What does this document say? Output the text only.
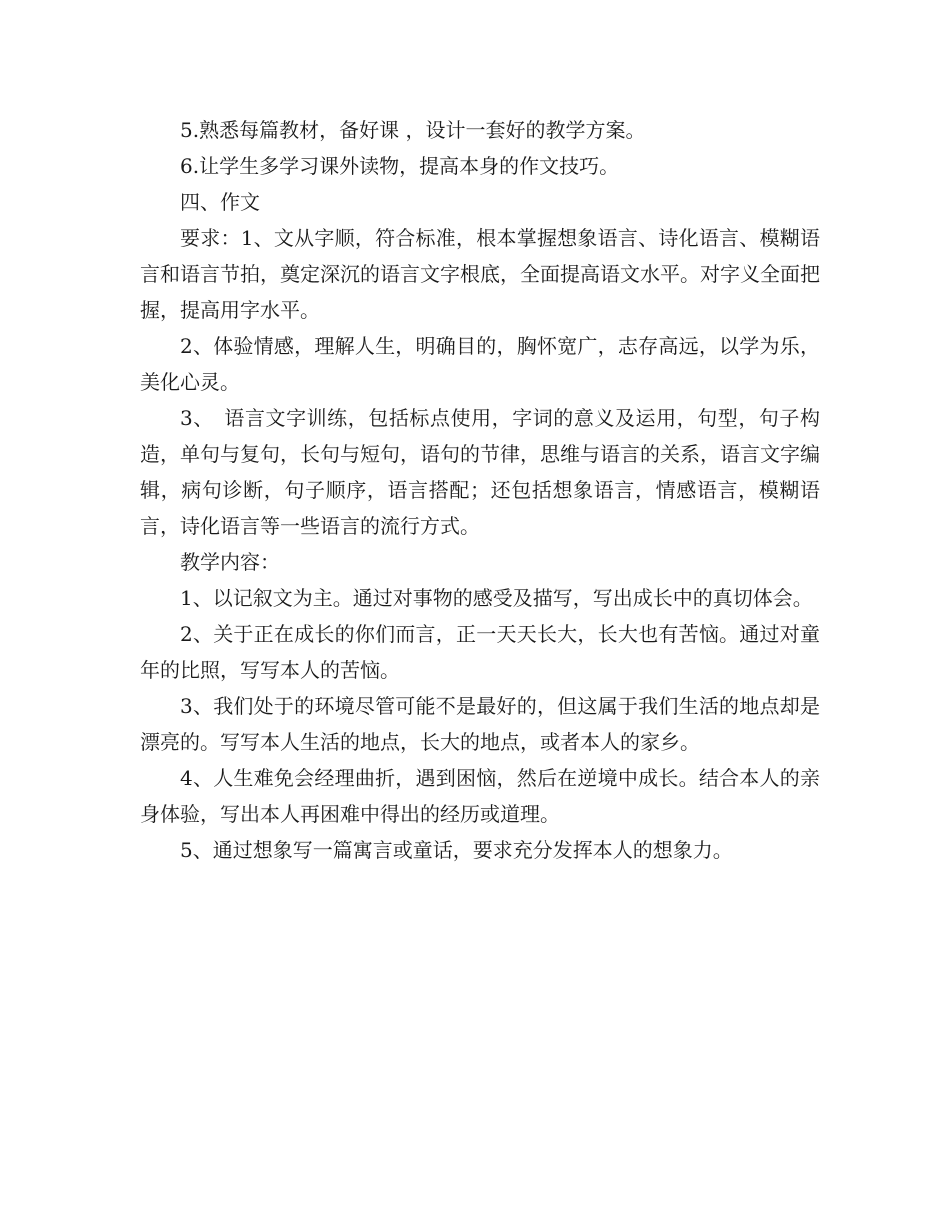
5.熟悉每篇教材，备好课 ，设计一套好的教学方案。

6.让学生多学习课外读物，提高本身的作文技巧。

四、作文

要求：1、文从字顺，符合标准，根本掌握想象语言、诗化语言、模糊语言和语言节拍，奠定深沉的语言文字根底，全面提高语文水平。对字义全面把握，提高用字水平。

2、体验情感，理解人生，明确目的，胸怀宽广，志存高远，以学为乐，美化心灵。

3、　语言文字训练，包括标点使用，字词的意义及运用，句型，句子构造，单句与复句，长句与短句，语句的节律，思维与语言的关系，语言文字编辑，病句诊断，句子顺序，语言搭配；还包括想象语言，情感语言，模糊语言，诗化语言等一些语言的流行方式。

教学内容：

1、以记叙文为主。通过对事物的感受及描写，写出成长中的真切体会。

2、关于正在成长的你们而言，正一天天长大，长大也有苦恼。通过对童年的比照，写写本人的苦恼。

3、我们处于的环境尽管可能不是最好的，但这属于我们生活的地点却是漂亮的。写写本人生活的地点，长大的地点，或者本人的家乡。

4、人生难免会经理曲折，遇到困恼，然后在逆境中成长。结合本人的亲身体验，写出本人再困难中得出的经历或道理。

5、通过想象写一篇寓言或童话，要求充分发挥本人的想象力。
